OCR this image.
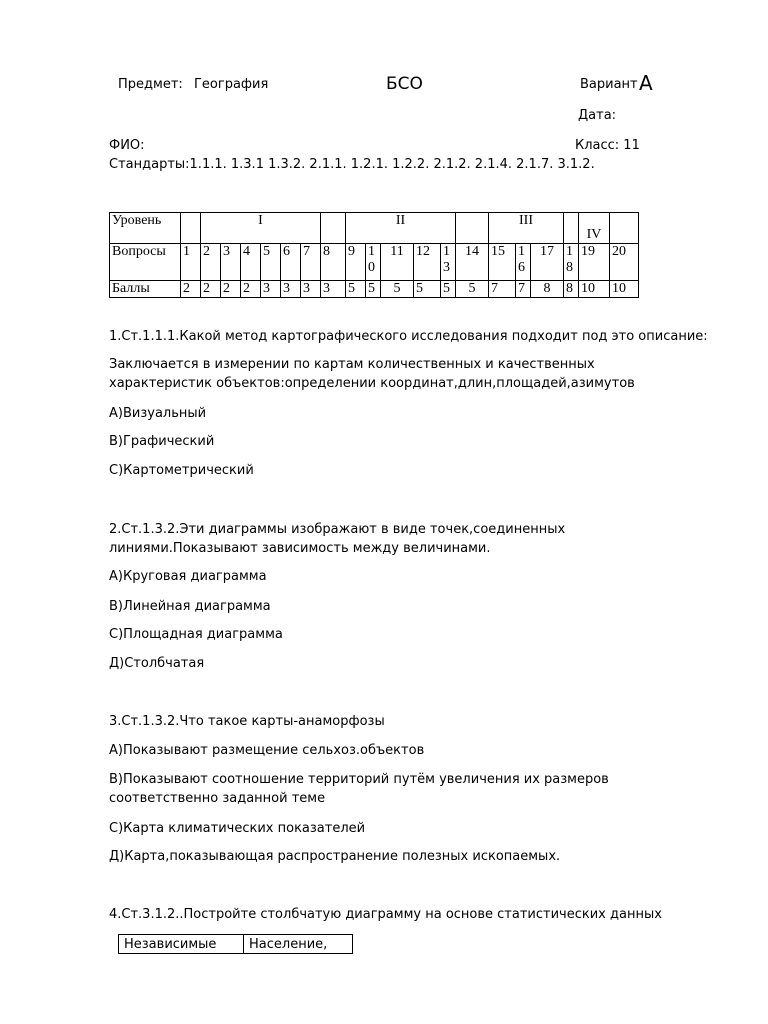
Предмет: География	БСО	Вариант А
Дата:
ФИО:	Класс: 11
Стандарты:1.1.1. 1.3.1 1.3.2. 2.1.1. 1.2.1. 1.2.2. 2.1.2. 2.1.4. 2.1.7. 3.1.2.
Уровень		I							II						III				IV	
Вопросы	1	2	3	4	5	6	7	8	9	10	11	12	13	14	15	16	17	18	19	20
Баллы	2	2	2	2	3	3	3	3	5	5	5	5	5	5	7	7	8	8	10	10
1.Ст.1.1.1.Какой метод картографического исследования подходит под это описание:
Заключается в измерении по картам количественных и качественных характеристик объектов:определении координат,длин,площадей,азимутов
А)Визуальный
В)Графический
С)Картометрический
2.Ст.1.3.2.Эти диаграммы изображают в виде точек,соединенных линиями.Показывают зависимость между величинами.
А)Круговая диаграмма
В)Линейная диаграмма
С)Площадная диаграмма
Д)Столбчатая
3.Ст.1.3.2.Что такое карты-анаморфозы
А)Показывают размещение сельхоз.объектов
В)Показывают соотношение территорий путём увеличения их размеров соответственно заданной теме
С)Карта климатических показателей
Д)Карта,показывающая распространение полезных ископаемых.
4.Ст.3.1.2..Постройте столбчатую диаграмму на основе статистических данных
Независимые	Население,
